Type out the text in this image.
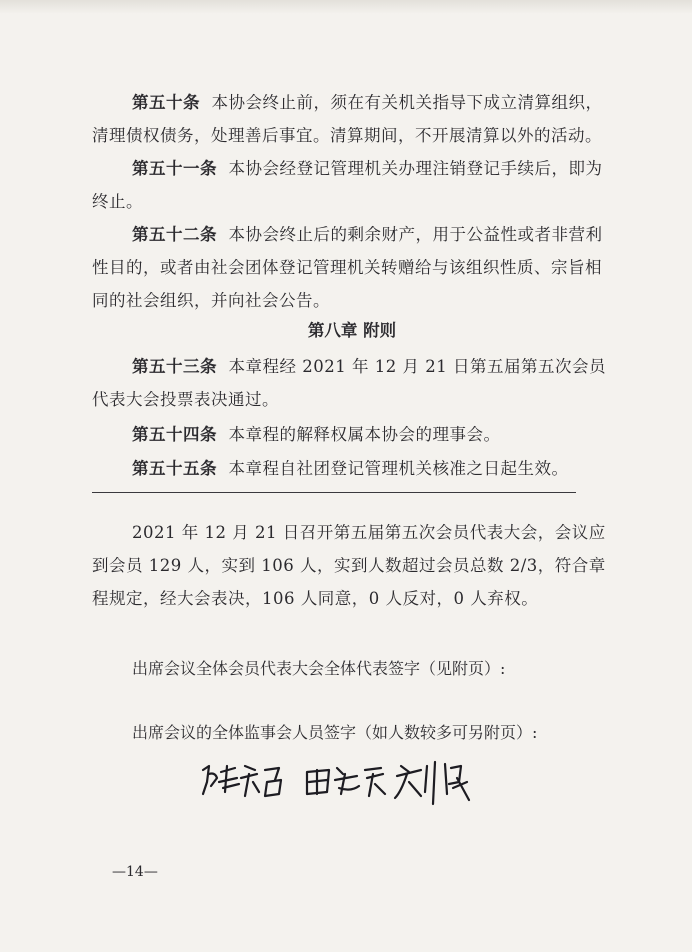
第五十条 本协会终止前，须在有关机关指导下成立清算组织，清理债权债务，处理善后事宜。清算期间，不开展清算以外的活动。

第五十一条 本协会经登记管理机关办理注销登记手续后，即为终止。

第五十二条 本协会终止后的剩余财产，用于公益性或者非营利性目的，或者由社会团体登记管理机关转赠给与该组织性质、宗旨相同的社会组织，并向社会公告。

第八章 附则

第五十三条 本章程经 2021 年 12 月 21 日第五届第五次会员代表大会投票表决通过。

第五十四条 本章程的解释权属本协会的理事会。

第五十五条 本章程自社团登记管理机关核准之日起生效。

2021 年 12 月 21 日召开第五届第五次会员代表大会，会议应到会员 129 人，实到 106 人，实到人数超过会员总数 2/3，符合章程规定，经大会表决，106 人同意，0 人反对，0 人弃权。

出席会议全体会员代表大会全体代表签字（见附页）:
出席会议的全体监事会人员签字（如人数较多可另附页）:
—14—
